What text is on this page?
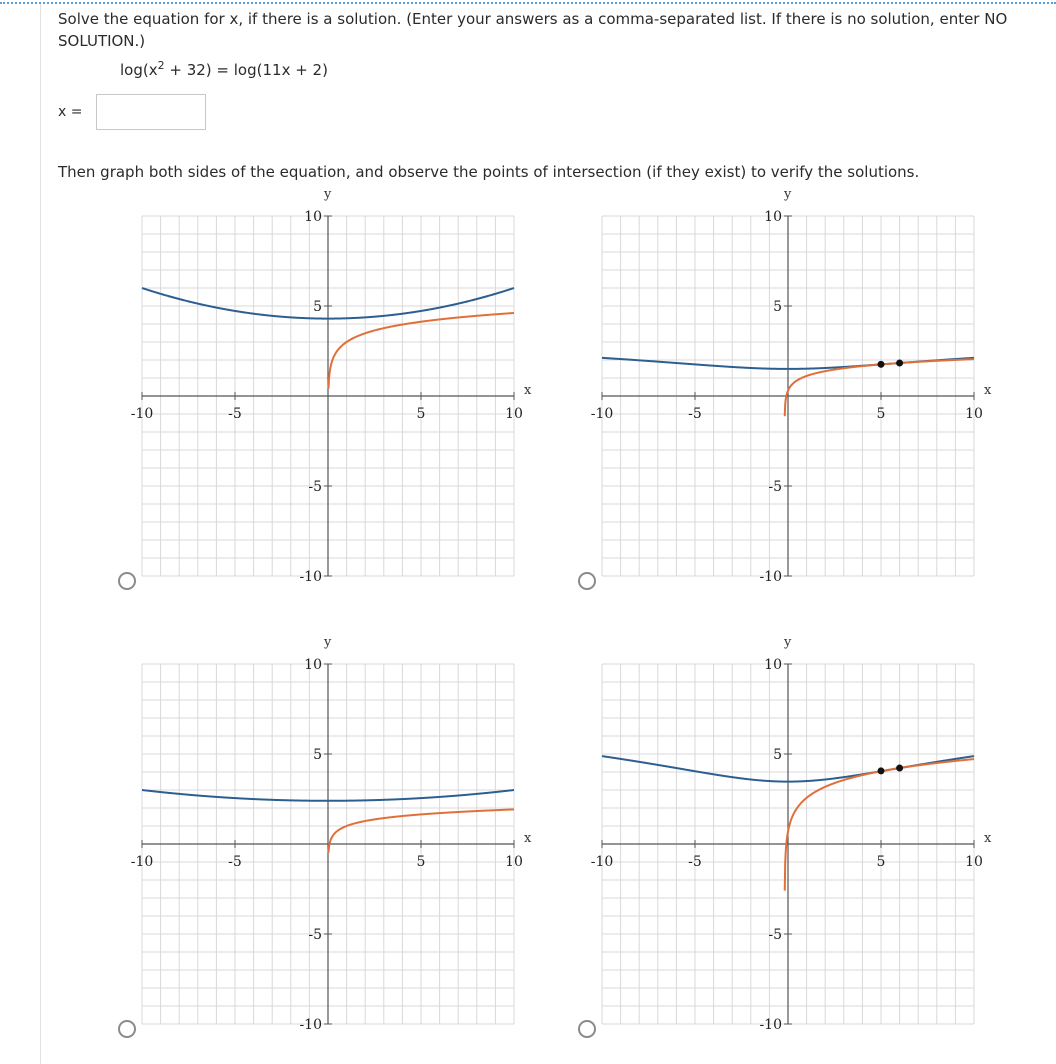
Solve the equation for x, if there is a solution. (Enter your answers as a comma-separated list. If there is no solution, enter NO SOLUTION.)
$\log(x^2 + 32) = \log(11x + 2)$
x =
Then graph both sides of the equation, and observe the points of intersection (if they exist) to verify the solutions.
x
y
-10	-5	5	10
10
5
-5
-10
x
y
-10	-5	5	10
10
5
-5
-10
x
y
-10	-5	5	10
10
5
-5
-10
x
y
-10	-5	5	10
10
5
-5
-10
